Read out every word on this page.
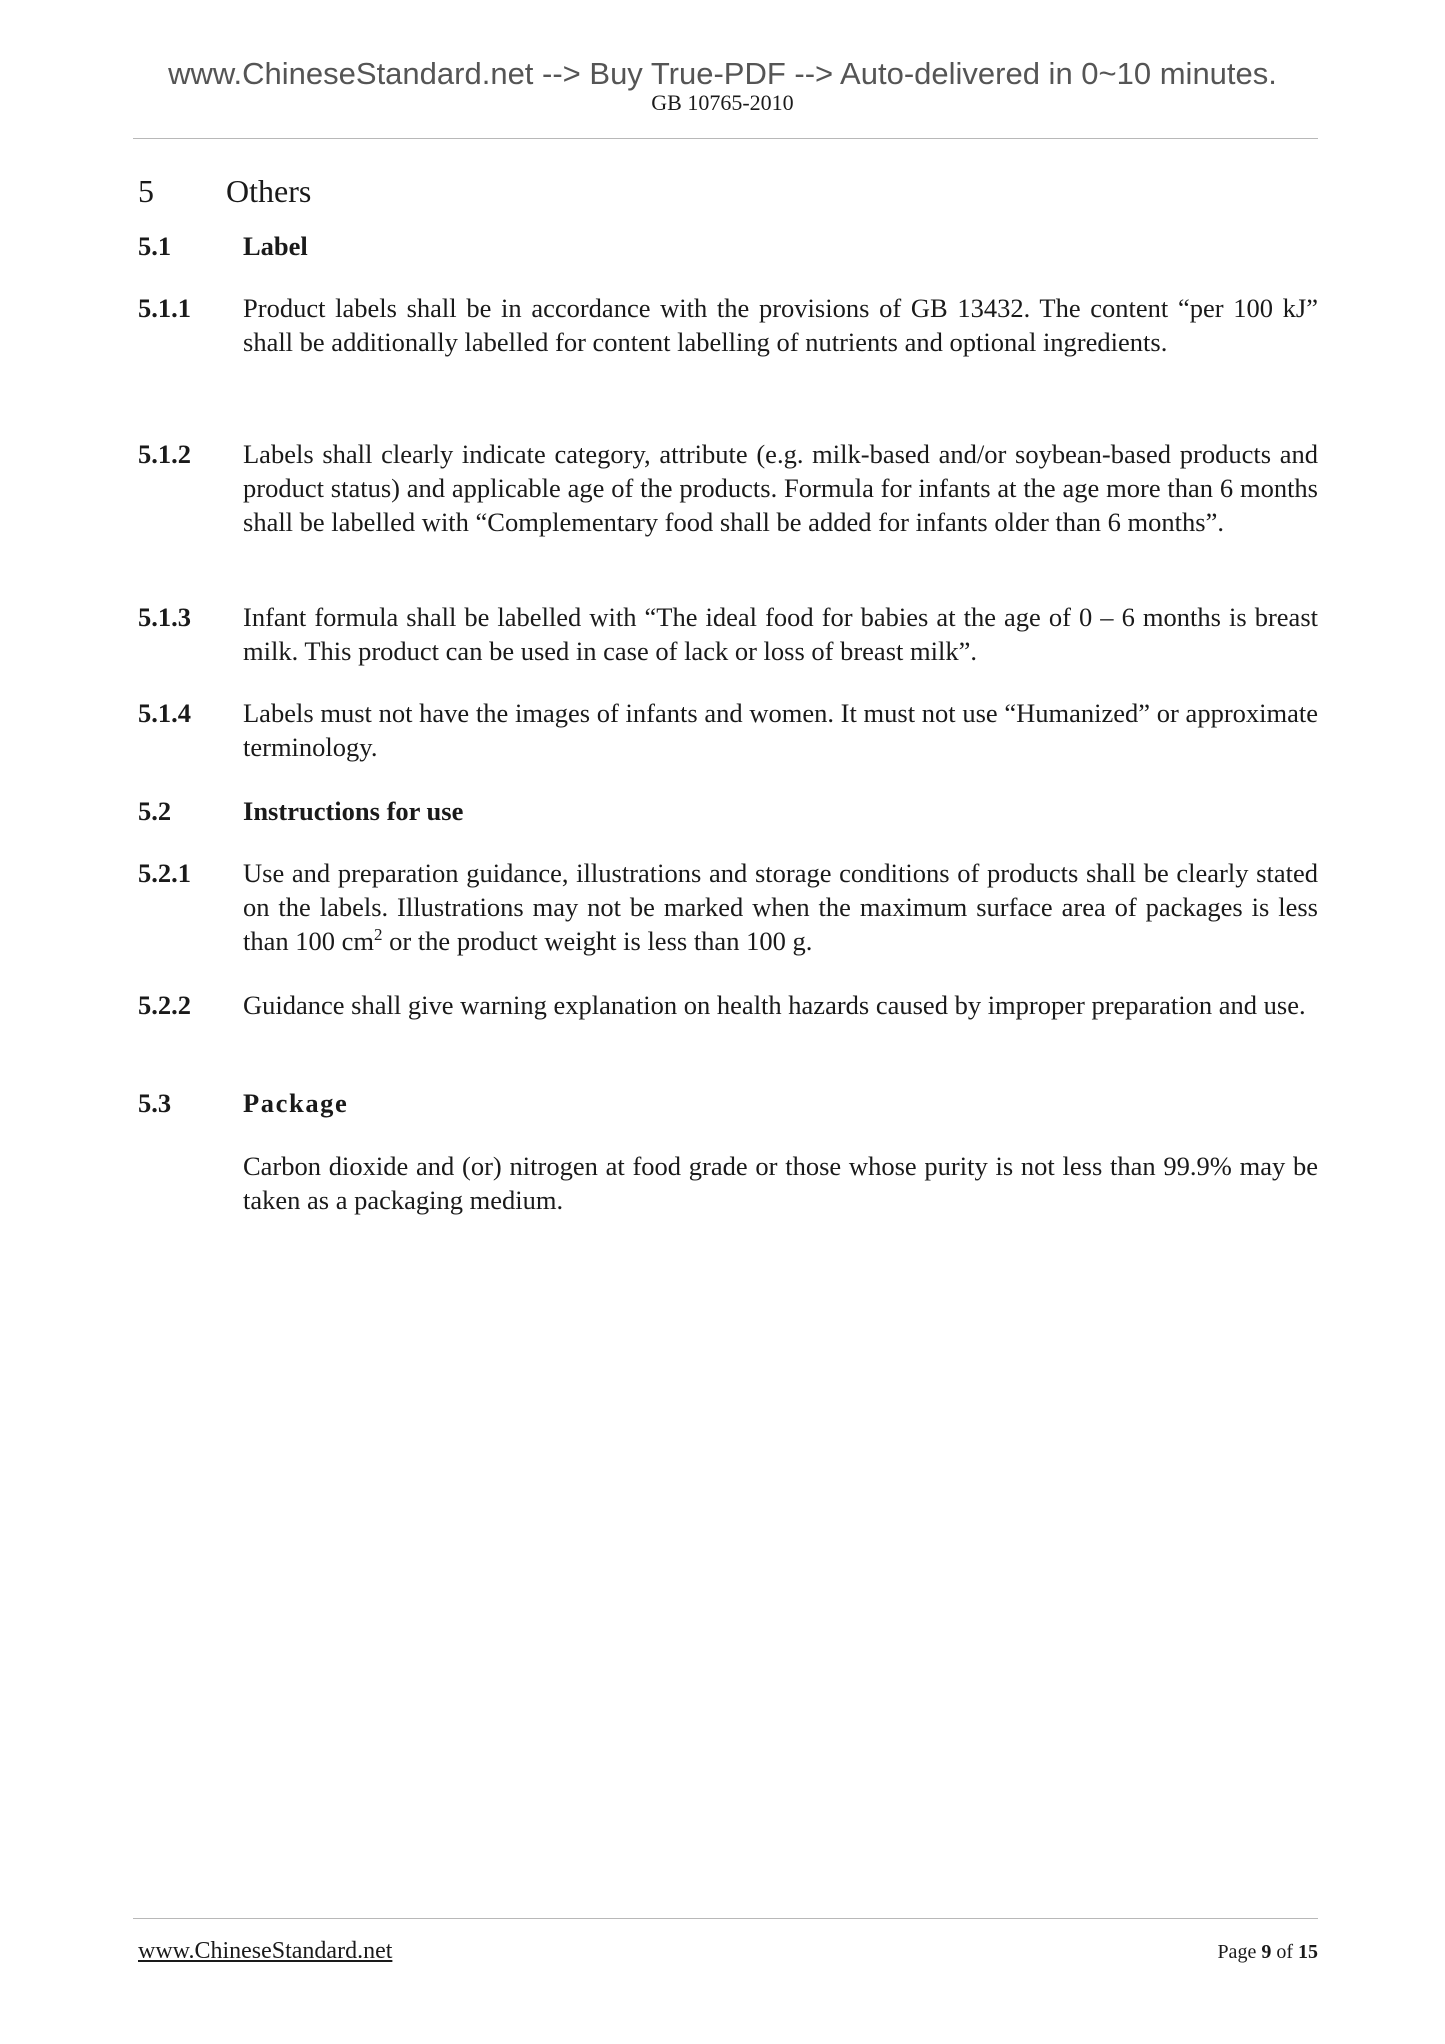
www.ChineseStandard.net --> Buy True-PDF --> Auto-delivered in 0~10 minutes.
GB 10765-2010
5 Others
5.1	Label
5.1.1 Product labels shall be in accordance with the provisions of GB 13432. The content “per 100 kJ” shall be additionally labelled for content labelling of nutrients and optional ingredients.
5.1.2 Labels shall clearly indicate category, attribute (e.g. milk-based and/or soybean-based products and product status) and applicable age of the products. Formula for infants at the age more than 6 months shall be labelled with “Complementary food shall be added for infants older than 6 months”.
5.1.3 Infant formula shall be labelled with “The ideal food for babies at the age of 0 – 6 months is breast milk. This product can be used in case of lack or loss of breast milk”.
5.1.4 Labels must not have the images of infants and women. It must not use “Humanized” or approximate terminology.
5.2	Instructions for use
5.2.1 Use and preparation guidance, illustrations and storage conditions of products shall be clearly stated on the labels. Illustrations may not be marked when the maximum surface area of packages is less than 100 $cm^2$ or the product weight is less than 100 g.
5.2.2 Guidance shall give warning explanation on health hazards caused by improper preparation and use.
5.3	Package
Carbon dioxide and (or) nitrogen at food grade or those whose purity is not less than 99.9% may be taken as a packaging medium.
www.ChineseStandard.net	Page 9 of 15
